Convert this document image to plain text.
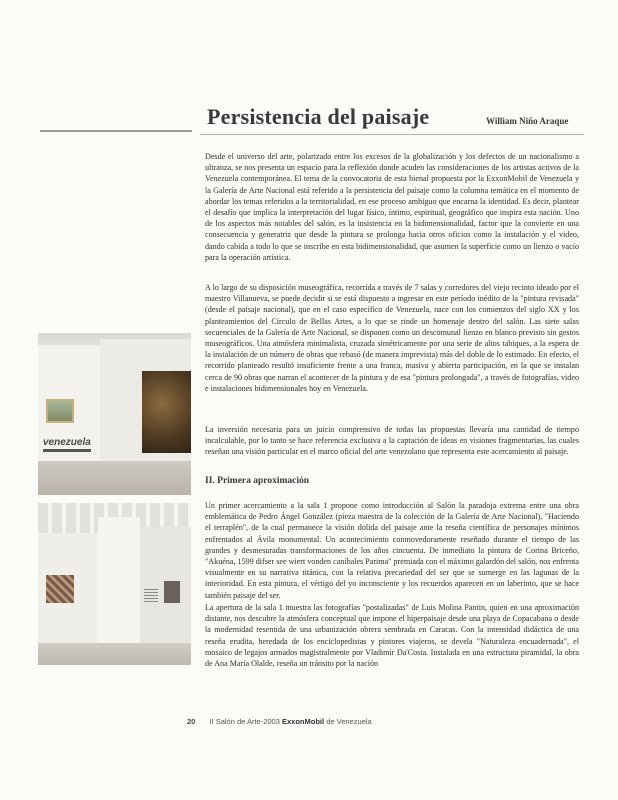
Persistencia del paisaje	William Niño Araque
Desde el universo del arte, polarizado entre los excesos de la globalización y los defectos de un nacionalismo a ultranza, se nos presenta un espacio para la reflexión donde acuden las consideraciones de los artistas activos de la Venezuela contemporánea. El tema de la convocatoria de esta bienal propuesta por la ExxonMobil de Venezuela y la Galería de Arte Nacional está referido a la persistencia del paisaje como la columna temática en el momento de abordar los temas referidos a la territorialidad, en ese proceso ambiguo que encarna la identidad. Es decir, plantear el desafío que implica la interpretación del lugar físico, íntimo, espiritual, geográfico que inspira esta nación. Uno de los aspectos más notables del salón, es la insistencia en la bidimensionalidad, factor que la convierte en una consecuencia y generatriz que desde la pintura se prolonga hacia otros oficios como la instalación y el video, dando cabida a todo lo que se inscribe en esta bidimensionalidad, que asumen la superficie como un lienzo o vacío para la operación artística.
A lo largo de su disposición museográfica, recorrida a través de 7 salas y corredores del viejo recinto ideado por el maestro Villanueva, se puede decidir si se está dispuesto a ingresar en este período inédito de la "pintura revisada" (desde el paisaje nacional), que en el caso específico de Venezuela, nace con los comienzos del siglo XX y los planteamientos del Círculo de Bellas Artes, a lo que se rinde un homenaje dentro del salón. Las siete salas secuenciales de la Galería de Arte Nacional, se disponen como un descomunal lienzo en blanco previsto sin gestos museográficos. Una atmósfera minimalista, cruzada simétricamente por una serie de altos tabiques, a la espera de la instalación de un número de obras que rebasó (de manera imprevista) más del doble de lo estimado. En efecto, el recorrido planteado resultó insuficiente frente a una franca, masiva y abierta participación, en la que se instalan cerca de 90 obras que narran el acontecer de la pintura y de esa "pintura prolongada", a través de fotografías, video e instalaciones bidimensionales hoy en Venezuela.
La inversión necesaria para un juicio comprensivo de todas las propuestas llevaría una cantidad de tiempo incalculable, por lo tanto se hace referencia exclusiva a la captación de ideas en visiones fragmentarias, las cuales reseñan una visión particular en el marco oficial del arte venezolano que representa este acercamiento al paisaje.
II. Primera aproximación
Un primer acercamiento a la sala 1 propone como introducción al Salón la paradoja extrema entre una obra emblemática de Pedro Ángel González (pieza maestra de la colección de la Galería de Arte Nacional), "Haciendo el terraplén", de la cual permanece la visión dolida del paisaje ante la reseña científica de personajes mínimos enfrentados al Ávila monumental. Un acontecimiento conmovedoramente reseñado durante el tiempo de las grandes y desmesuradas transformaciones de los años cincuenta. De inmediato la pintura de Corina Briceño, "Akuéna, 1599 difser see wiert vonden caníbales Parima" premiada con el máximo galardón del salón, nos enfrenta visualmente en su narrativa titánica, con la relativa precariedad del ser que se sumerge en las lagunas de la interioridad. En esta pintura, el vértigo del yo inconsciente y los recuerdos aparecen en un laberinto, que se hace también paisaje del ser.
La apertura de la sala 1 muestra las fotografías "postalizadas" de Luis Molina Pantin, quien en una aproximación distante, nos descubre la atmósfera conceptual que impone el hiperpaisaje desde una playa de Copacabana o desde la modernidad resentida de una urbanización obrera sembrada en Caracas. Con la intensidad didáctica de una reseña erudita, heredada de los enciclopedistas y pintores viajeros, se devela "Naturaleza encuadernada", el mosaico de legajos armados magistralmente por Vladimir Da'Costa. Instalada en una estructura piramidal, la obra de Ana María Olalde, reseña un tránsito por la nación
venezuela
20 II Salón de Arte-2003 ExxonMobil de Venezuela
